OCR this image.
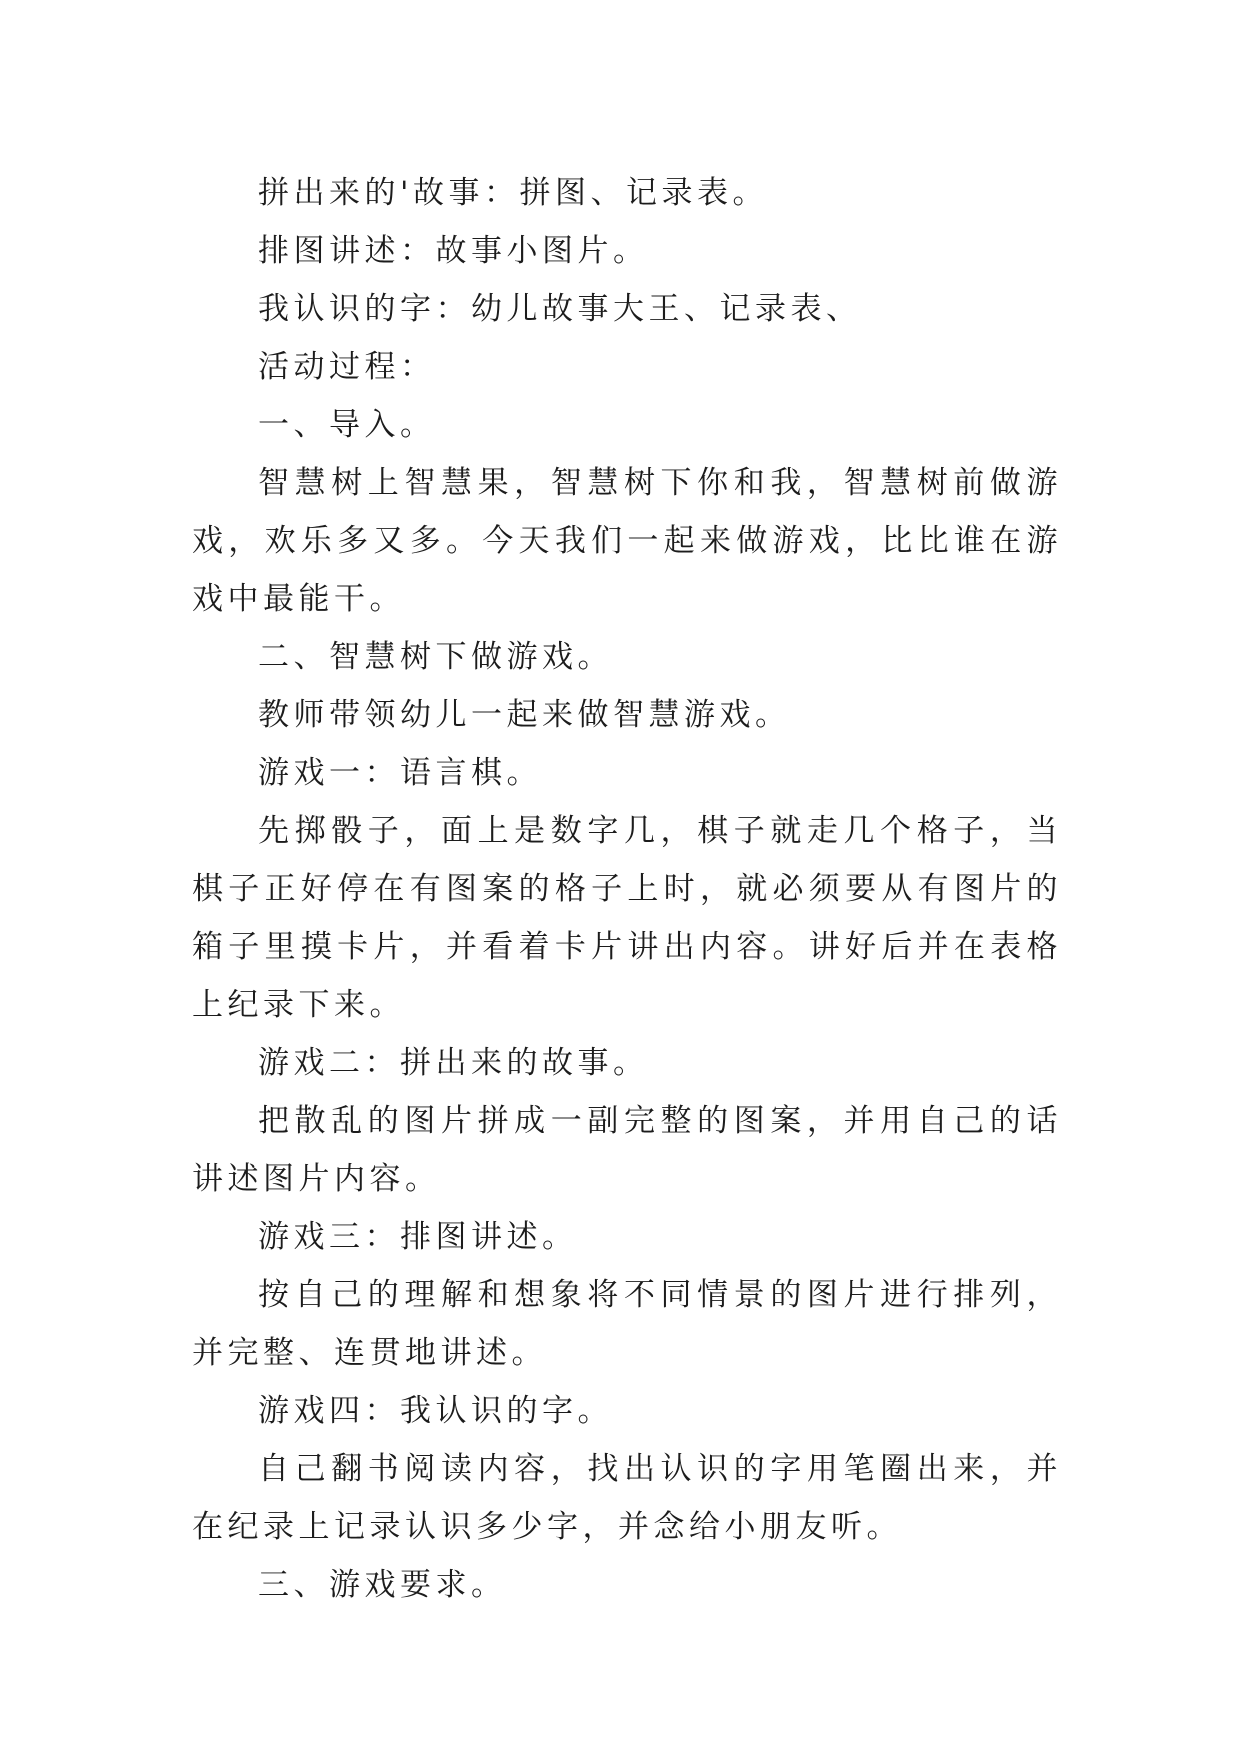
拼出来的'故事：拼图、记录表。

排图讲述：故事小图片。

我认识的字：幼儿故事大王、记录表、

活动过程：

一、导入。

智慧树上智慧果，智慧树下你和我，智慧树前做游戏，欢乐多又多。今天我们一起来做游戏，比比谁在游戏中最能干。

二、智慧树下做游戏。

教师带领幼儿一起来做智慧游戏。

游戏一：语言棋。

先掷骰子，面上是数字几，棋子就走几个格子，当棋子正好停在有图案的格子上时，就必须要从有图片的箱子里摸卡片，并看着卡片讲出内容。讲好后并在表格上纪录下来。

游戏二：拼出来的故事。

把散乱的图片拼成一副完整的图案，并用自己的话讲述图片内容。

游戏三：排图讲述。

按自己的理解和想象将不同情景的图片进行排列，并完整、连贯地讲述。

游戏四：我认识的字。

自己翻书阅读内容，找出认识的字用笔圈出来，并在纪录上记录认识多少字，并念给小朋友听。

三、游戏要求。
